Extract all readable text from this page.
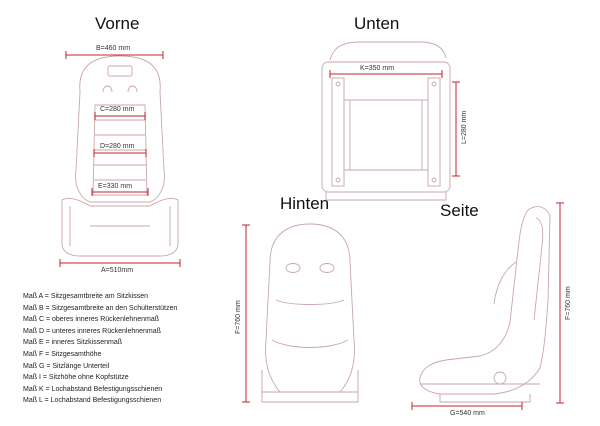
Vorne	Unten
Hinten	Seite
B=460 mm
C=280 mm
D=280 mm
E=330 mm
A=510mm
K=350 mm
L=280 mm
F=760 mm	F=760 mm
G=540 mm
Maß A = Sitzgesamtbreite am Sitzkissen
Maß B = Sitzgesamtbreite an den Schulterstützen
Maß C = oberes inneres Rückenlehnenmaß
Maß D = unteres inneres Rückenlehnenmaß
Maß E = inneres Sitzkissenmaß
Maß F = Sitzgesamthöhe
Maß G = Sitzlänge Unterteil
Maß I = Sitzhöhe ohne Kopfstütze
Maß K = Lochabstand Befestigungsschienen
Maß L = Lochabstand Befestigungsschienen
